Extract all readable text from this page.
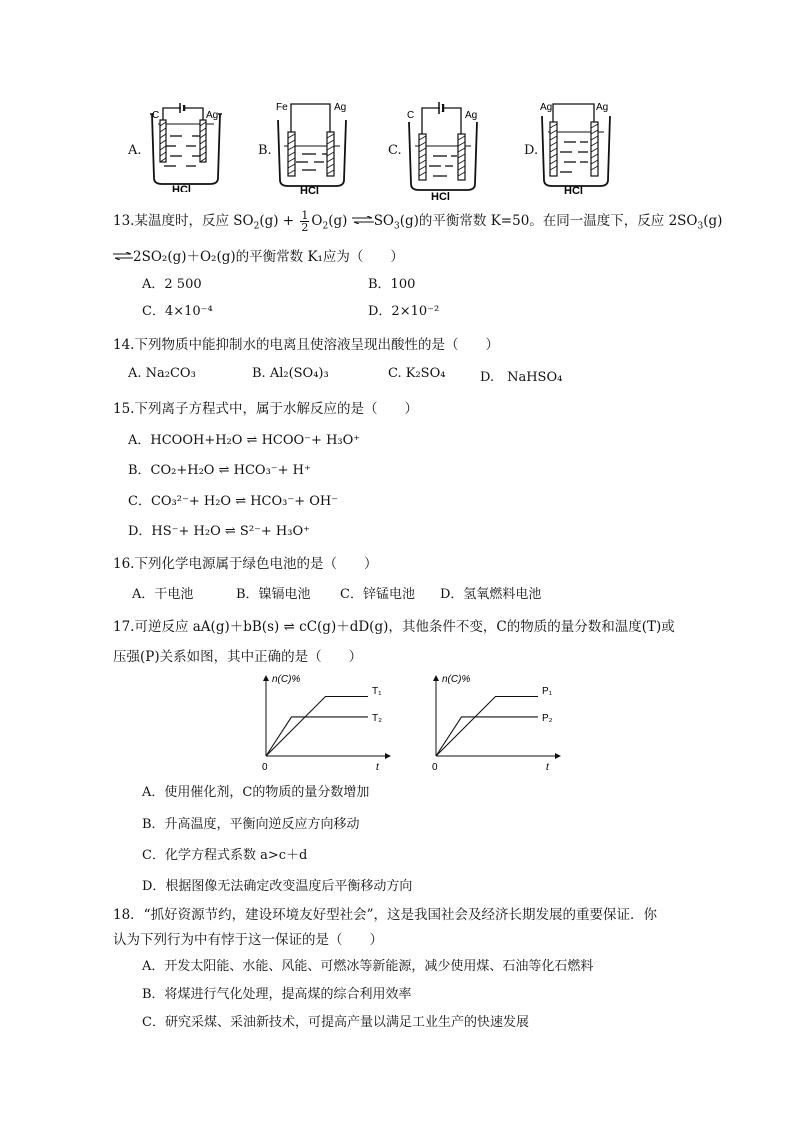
A.
C	Ag
HCl
B.
Fe	Ag
HCl
C.
C	Ag
HCl
D.
Ag	Ag
HCl
13.某温度时，反应 $SO_2(g) + \frac{1}{2} O_2(g)$ $\rightleftharpoons SO_3(g)$的平衡常数 K=50。在同一温度下，反应 $2SO_3(g)$
⇌2SO₂(g)＋O₂(g)的平衡常数 K₁应为（　　）
A．2 500	B．100
C．4×10⁻⁴	D．2×10⁻²
14.下列物质中能抑制水的电离且使溶液呈现出酸性的是（　　）
A. Na₂CO₃	B. Al₂(SO₄)₃	C. K₂SO₄	D.　NaHSO₄
15.下列离子方程式中，属于水解反应的是（　　）
A．HCOOH+H₂O ⇌ HCOO⁻+ H₃O⁺
B．CO₂+H₂O ⇌ HCO₃⁻+ H⁺
C．CO₃²⁻+ H₂O ⇌ HCO₃⁻+ OH⁻
D．HS⁻+ H₂O ⇌ S²⁻+ H₃O⁺
16.下列化学电源属于绿色电池的是（　　）
A．干电池	B．镍镉电池 C．锌锰电池 D．氢氧燃料电池
17.可逆反应 aA(g)＋bB(s) ⇌ cC(g)＋dD(g)，其他条件不变，C的物质的量分数和温度(T)或
压强(P)关系如图，其中正确的是（　　）
n(C)%
t
0
T₁
T₂
n(C)%
t
0
P₁
P₂
A．使用催化剂，C的物质的量分数增加
B．升高温度，平衡向逆反应方向移动
C．化学方程式系数 a>c＋d
D．根据图像无法确定改变温度后平衡移动方向
18．“抓好资源节约，建设环境友好型社会”，这是我国社会及经济长期发展的重要保证．你
认为下列行为中有悖于这一保证的是（　　）
A．开发太阳能、水能、风能、可燃冰等新能源，减少使用煤、石油等化石燃料
B．将煤进行气化处理，提高煤的综合利用效率
C．研究采煤、采油新技术，可提高产量以满足工业生产的快速发展
